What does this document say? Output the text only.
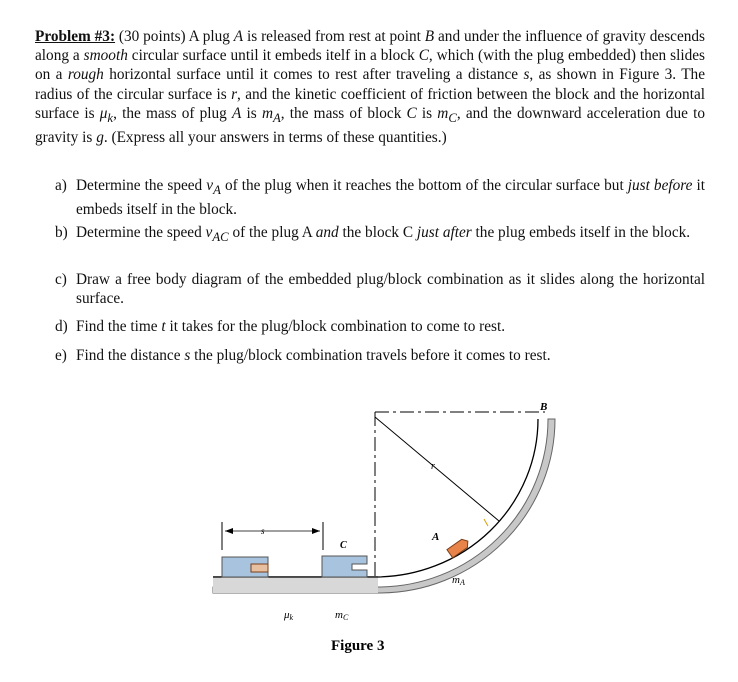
Problem #3: (30 points) A plug A is released from rest at point B and under the influence of gravity descends along a smooth circular surface until it embeds itelf in a block C, which (with the plug embedded) then slides on a rough horizontal surface until it comes to rest after traveling a distance s, as shown in Figure 3. The radius of the circular surface is r, and the kinetic coefficient of friction between the block and the horizontal surface is $\mu_k$, the mass of plug A is $m_A$, the mass of block C is $m_C$, and the downward acceleration due to gravity is g. (Express all your answers in terms of these quantities.)
a) Determine the speed $v_A$ of the plug when it reaches the bottom of the circular surface but just before it embeds itself in the block.
b) Determine the speed $v_{AC}$ of the plug A and the block C just after the plug embeds itself in the block.
c) Draw a free body diagram of the embedded plug/block combination as it slides along the horizontal surface.
d) Find the time t it takes for the plug/block combination to come to rest.
e) Find the distance s the plug/block combination travels before it comes to rest.
B
r
A
mA
C
s
μk	mC
Figure 3
